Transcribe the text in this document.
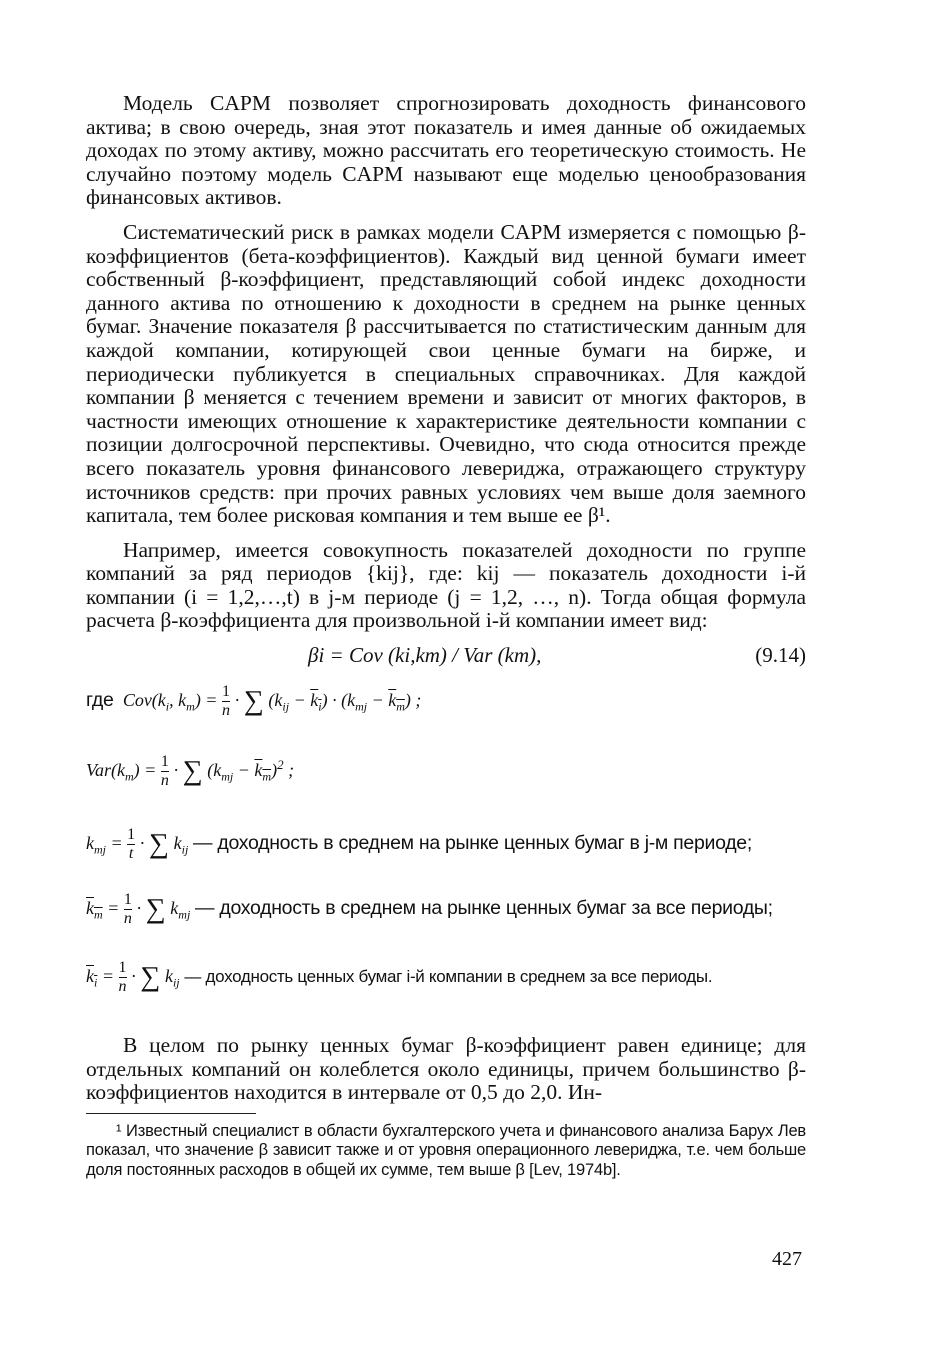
Модель CAPM позволяет спрогнозировать доходность финансового актива; в свою очередь, зная этот показатель и имея данные об ожидаемых доходах по этому активу, можно рассчитать его теоретическую стоимость. Не случайно поэтому модель CAPM называют еще моделью ценообразования финансовых активов.

Систематический риск в рамках модели CAPM измеряется с помощью β-коэффициентов (бета-коэффициентов). Каждый вид ценной бумаги имеет собственный β-коэффициент, представляющий собой индекс доходности данного актива по отношению к доходности в среднем на рынке ценных бумаг. Значение показателя β рассчитывается по статистическим данным для каждой компании, котирующей свои ценные бумаги на бирже, и периодически публикуется в специальных справочниках. Для каждой компании β меняется с течением времени и зависит от многих факторов, в частности имеющих отношение к характеристике деятельности компании с позиции долгосрочной перспективы. Очевидно, что сюда относится прежде всего показатель уровня финансового левериджа, отражающего структуру источников средств: при прочих равных условиях чем выше доля заемного капитала, тем более рисковая компания и тем выше ее β¹.

Например, имеется совокупность показателей доходности по группе компаний за ряд периодов {kij}, где: kij — показатель доходности i-й компании (i = 1,2,…,t) в j-м периоде (j = 1,2, …, n). Тогда общая формула расчета β-коэффициента для произвольной i-й компании имеет вид:

βi = Cov (ki,km) / Var (km),	(9.14)
где  $Cov(k_i$, $k_m) = \frac{1}{n}$ · ∑ $(k_{ij} - k_i) \cdot (k_{mj} - k_m)$ ;
$Var(k_m) = \frac{1}{n}$ · ∑ $(k_{mj} - k_m)^2$ ;
$k_{mj} = \frac{1}{t}$ · ∑ $k_{ij}$ — доходность в среднем на рынке ценных бумаг в j-м периоде;
$k_m = \frac{1}{n}$ · ∑ $k_{mj}$ — доходность в среднем на рынке ценных бумаг за все периоды;
$k_i = \frac{1}{n}$ · ∑ $k_{ij}$ — доходность ценных бумаг i-й компании в среднем за все периоды.

В целом по рынку ценных бумаг β-коэффициент равен единице; для отдельных компаний он колеблется около единицы, причем большинство β-коэффициентов находится в интервале от 0,5 до 2,0. Ин-

¹ Известный специалист в области бухгалтерского учета и финансового анализа Барух Лев показал, что значение β зависит также и от уровня операционного левериджа, т.е. чем больше доля постоянных расходов в общей их сумме, тем выше β [Lev, 1974b].

427
